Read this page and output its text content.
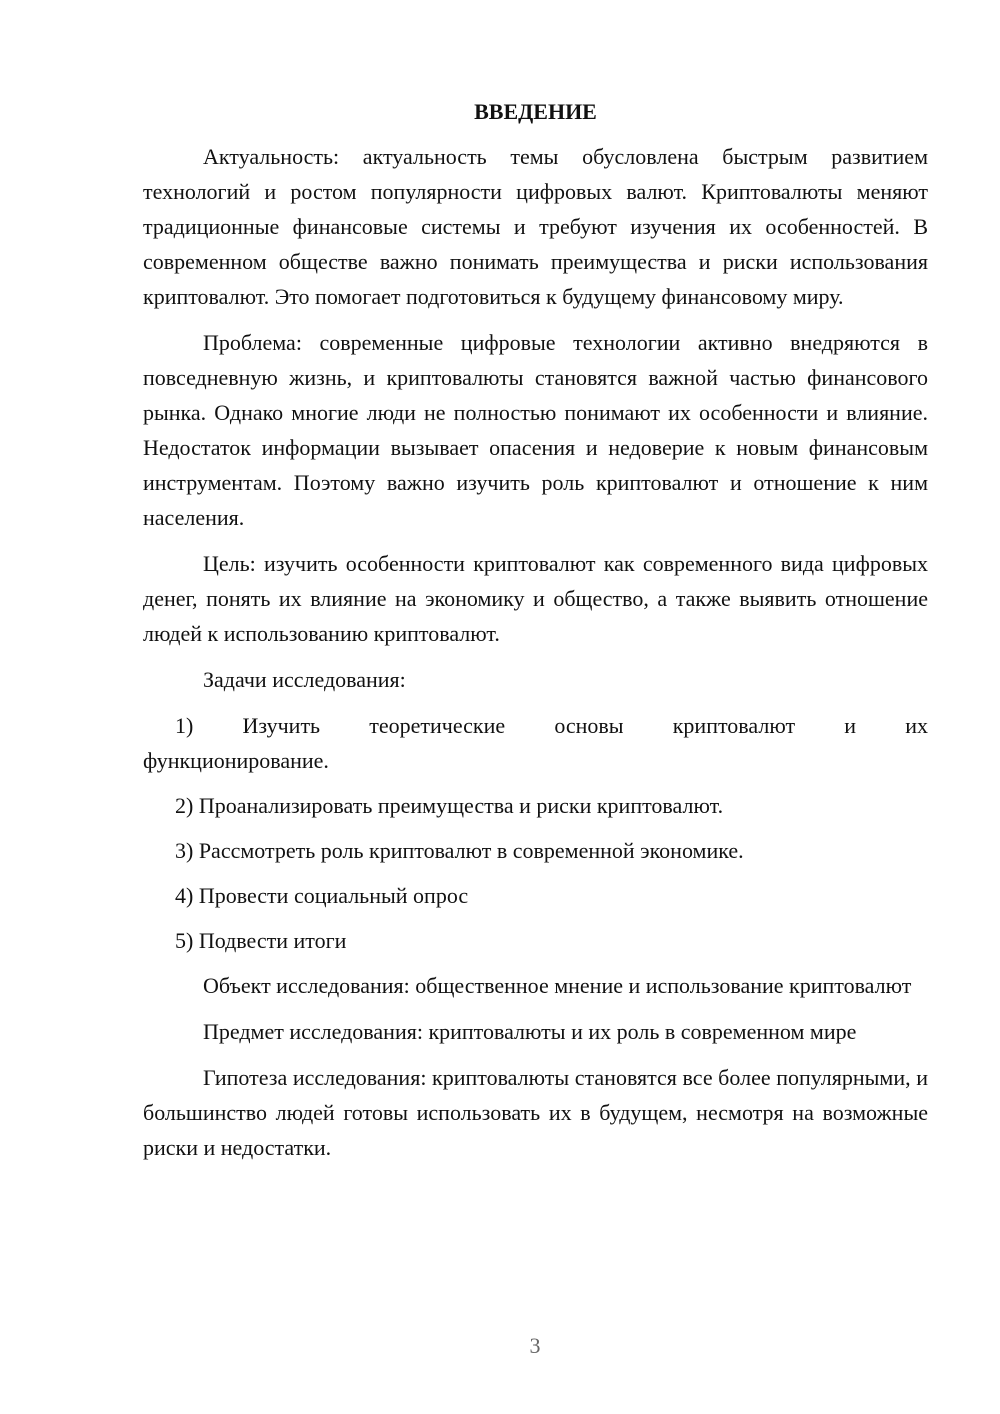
ВВЕДЕНИЕ

Актуальность: актуальность темы обусловлена быстрым развитием технологий и ростом популярности цифровых валют. Криптовалюты меняют традиционные финансовые системы и требуют изучения их особенностей. В современном обществе важно понимать преимущества и риски использования криптовалют. Это помогает подготовиться к будущему финансовому миру.

Проблема: современные цифровые технологии активно внедряются в повседневную жизнь, и криптовалюты становятся важной частью финансового рынка. Однако многие люди не полностью понимают их особенности и влияние. Недостаток информации вызывает опасения и недоверие к новым финансовым инструментам. Поэтому важно изучить роль криптовалют и отношение к ним населения.

Цель: изучить особенности криптовалют как современного вида цифровых денег, понять их влияние на экономику и общество, а также выявить отношение людей к использованию криптовалют.

Задачи исследования:

1) Изучить теоретические основы криптовалют и их
функционирование.

2) Проанализировать преимущества и риски криптовалют.

3) Рассмотреть роль криптовалют в современной экономике.

4) Провести социальный опрос

5) Подвести итоги

Объект исследования: общественное мнение и использование криптовалют

Предмет исследования: криптовалюты и их роль в современном мире

Гипотеза исследования: криптовалюты становятся все более популярными, и большинство людей готовы использовать их в будущем, несмотря на возможные риски и недостатки.

3
